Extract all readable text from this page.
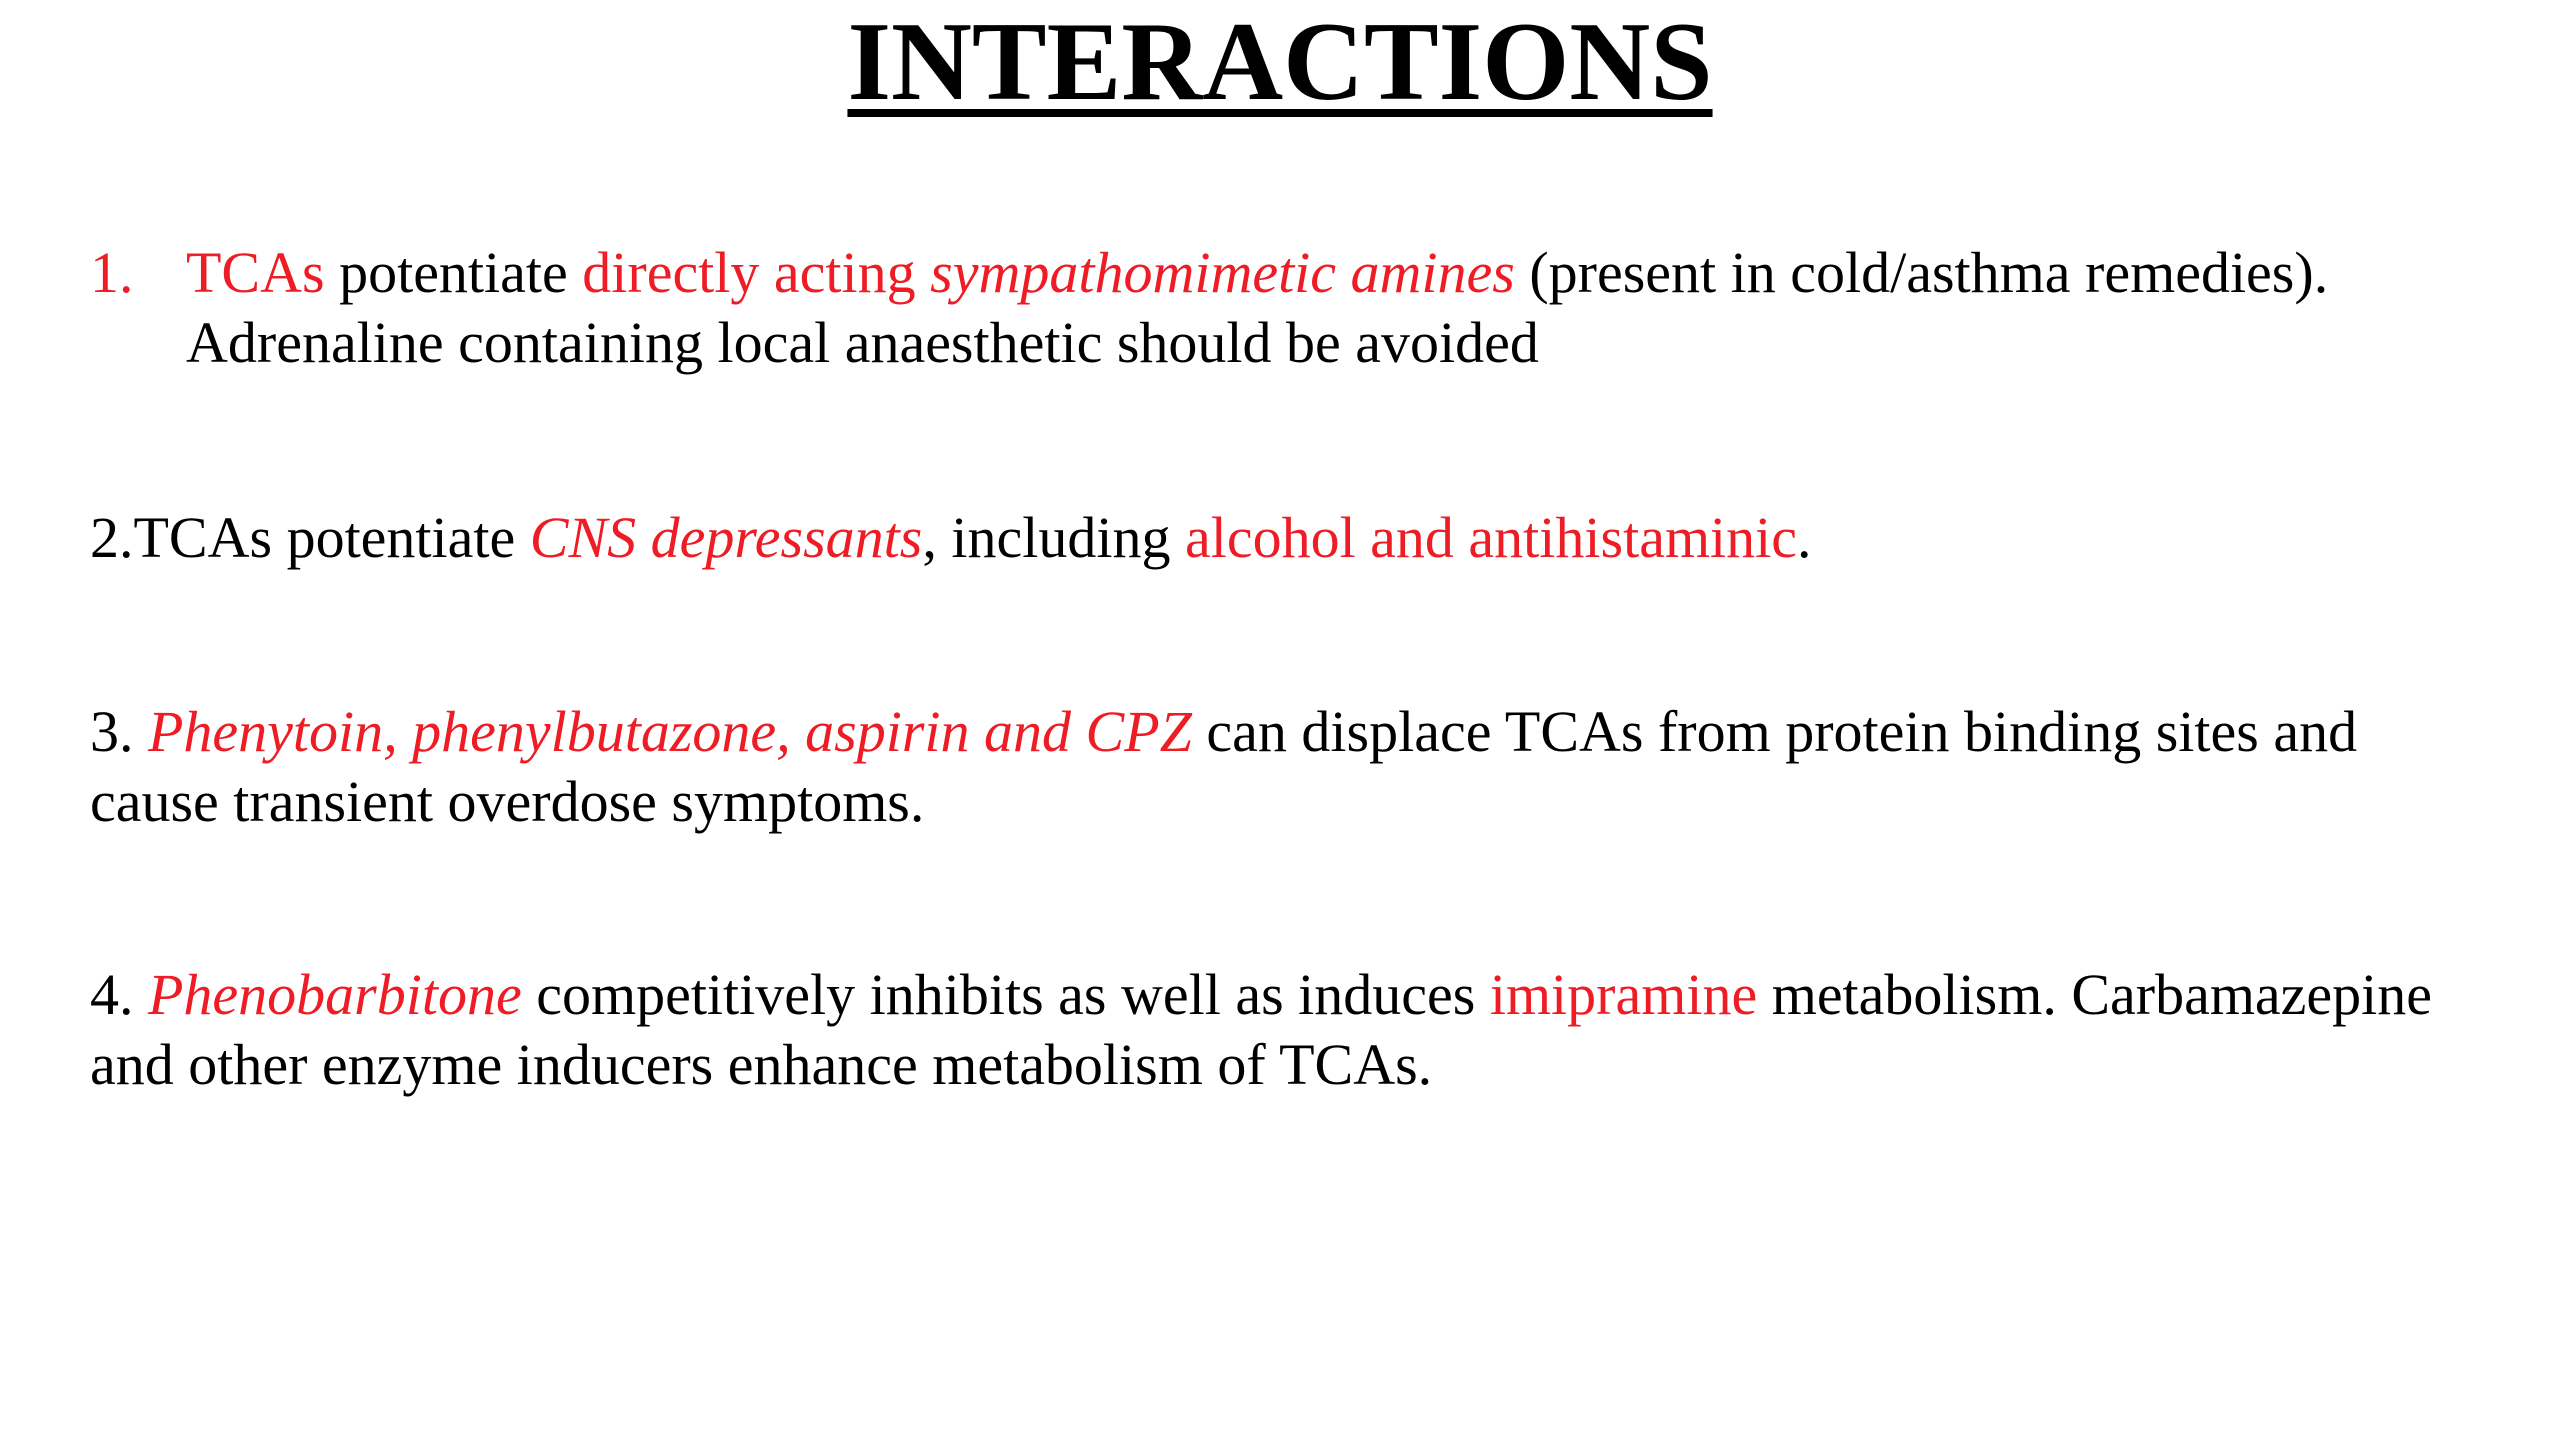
INTERACTIONS
1. TCAs potentiate directly acting sympathomimetic amines (present in cold/asthma remedies). Adrenaline containing local anaesthetic should be avoided
2.TCAs potentiate CNS depressants, including alcohol and antihistaminic.
3. Phenytoin, phenylbutazone, aspirin and CPZ can displace TCAs from protein binding sites and cause transient overdose symptoms.
4. Phenobarbitone competitively inhibits as well as induces imipramine metabolism. Carbamazepine and other enzyme inducers enhance metabolism of TCAs.
